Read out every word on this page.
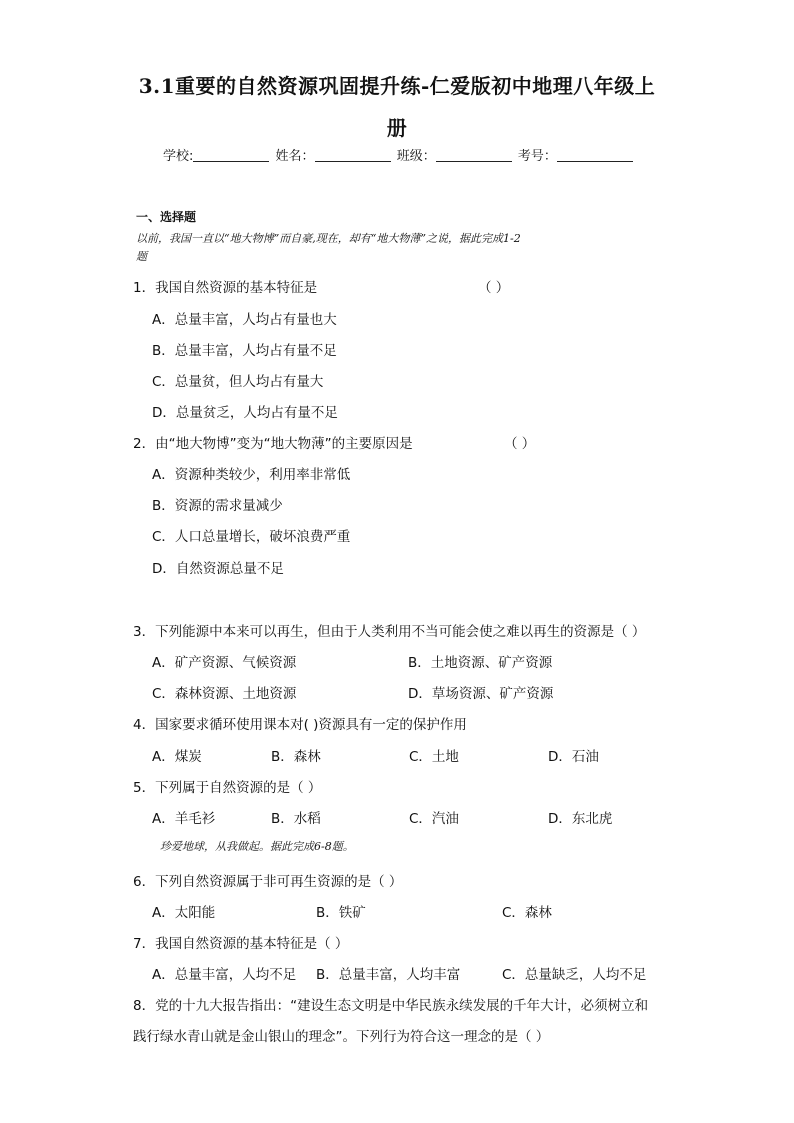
3.1重要的自然资源巩固提升练-仁爱版初中地理八年级上
册
学校:	姓名：	班级：	考号：
一、选择题
以前，我国一直以“地大物博”而自豪,现在，却有“地大物薄”之说，据此完成1-2
题
1．我国自然资源的基本特征是	（ ）
A．总量丰富，人均占有量也大
B．总量丰富，人均占有量不足
C．总量贫，但人均占有量大
D．总量贫乏，人均占有量不足
2．由“地大物博”变为“地大物薄”的主要原因是	（ ）
A．资源种类较少，利用率非常低
B．资源的需求量减少
C．人口总量增长，破坏浪费严重
D．自然资源总量不足
3．下列能源中本来可以再生，但由于人类利用不当可能会使之难以再生的资源是（ ）
A．矿产资源、气候资源	B．土地资源、矿产资源
C．森林资源、土地资源	D．草场资源、矿产资源
4．国家要求循环使用课本对( )资源具有一定的保护作用
A．煤炭	B．森林	C．土地	D．石油
5．下列属于自然资源的是（ ）
A．羊毛衫	B．水稻	C．汽油	D．东北虎
珍爱地球，从我做起。据此完成6-8题。
6．下列自然资源属于非可再生资源的是（ ）
A．太阳能	B．铁矿	C．森林
7．我国自然资源的基本特征是（ ）
A．总量丰富，人均不足 B．总量丰富，人均丰富	C．总量缺乏，人均不足
8．党的十九大报告指出：“建设生态文明是中华民族永续发展的千年大计，必须树立和
践行绿水青山就是金山银山的理念”。下列行为符合这一理念的是（ ）
